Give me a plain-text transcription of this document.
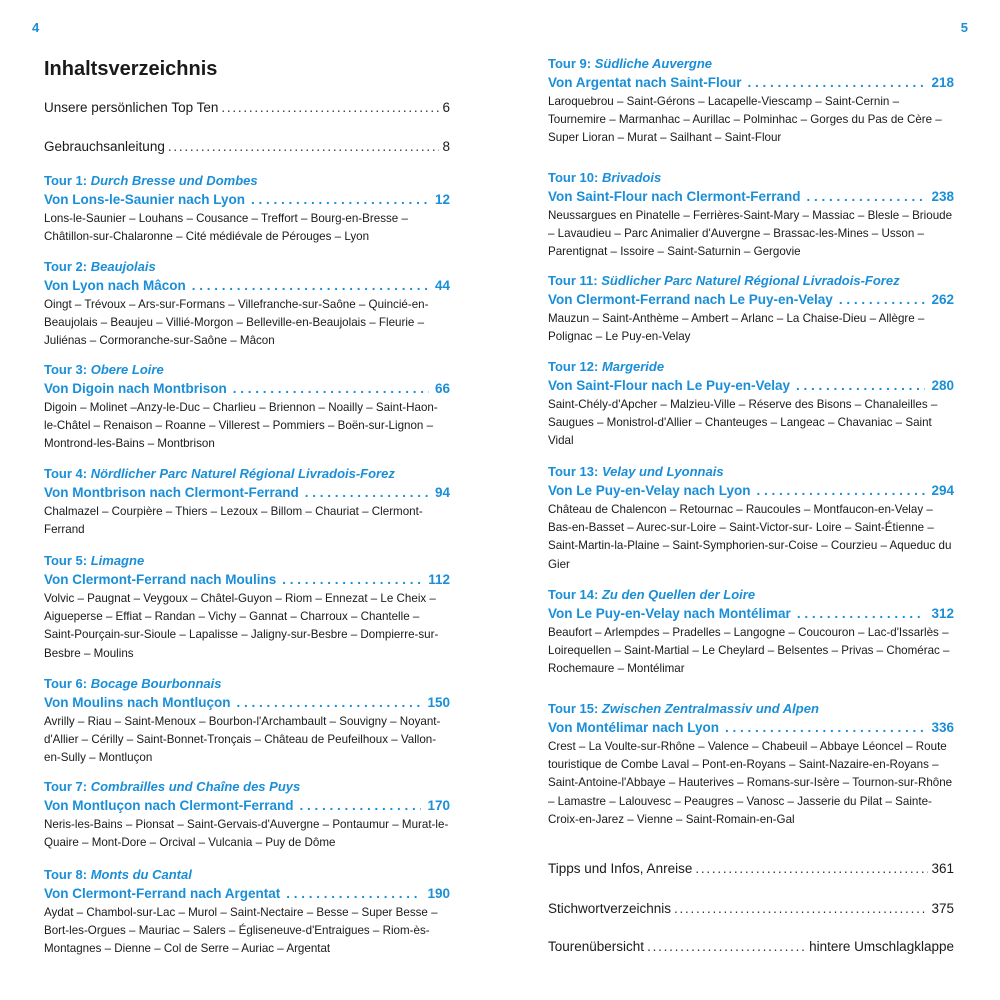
4	5
Inhaltsverzeichnis
Unsere persönlichen Top Ten . . .	6
Gebrauchsanleitung . . .	8
Tour 1: Durch Bresse und Dombes
Von Lons-le-Saunier nach Lyon . . .	12
Lons-le-Saunier – Louhans – Cousance – Treffort – Bourg-en-Bresse – Châtillon-sur-Chalaronne – Cité médiévale de Pérouges – Lyon
Tour 2: Beaujolais
Von Lyon nach Mâcon . . .	44
Oingt – Trévoux – Ars-sur-Formans – Villefranche-sur-Saône – Quincié-en-Beaujolais – Beaujeu – Villié-Morgon – Belleville-en-Beaujolais – Fleurie – Juliénas – Cormoranche-sur-Saône – Mâcon
Tour 3: Obere Loire
Von Digoin nach Montbrison . . .	66
Digoin – Molinet –Anzy-le-Duc – Charlieu – Briennon – Noailly – Saint-Haon-le-Châtel – Renaison – Roanne – Villerest – Pommiers – Boën-sur-Lignon – Montrond-les-Bains – Montbrison
Tour 4: Nördlicher Parc Naturel Régional Livradois-Forez
Von Montbrison nach Clermont-Ferrand . . .	94
Chalmazel – Courpière – Thiers – Lezoux – Billom – Chauriat – Clermont-Ferrand
Tour 5: Limagne
Von Clermont-Ferrand nach Moulins . . .	112
Volvic – Paugnat – Veygoux – Châtel-Guyon – Riom – Ennezat – Le Cheix – Aigueperse – Effiat – Randan – Vichy – Gannat – Charroux – Chantelle – Saint-Pourçain-sur-Sioule – Lapalisse – Jaligny-sur-Besbre – Dompierre-sur-Besbre – Moulins
Tour 6: Bocage Bourbonnais
Von Moulins nach Montluçon . . .	150
Avrilly – Riau – Saint-Menoux – Bourbon-l'Archambault – Souvigny – Noyant-d'Allier – Cérilly – Saint-Bonnet-Tronçais – Château de Peufeilhoux – Vallon-en-Sully – Montluçon
Tour 7: Combrailles und Chaîne des Puys
Von Montluçon nach Clermont-Ferrand . . .	170
Neris-les-Bains – Pionsat – Saint-Gervais-d'Auvergne – Pontaumur – Murat-le-Quaire – Mont-Dore – Orcival – Vulcania – Puy de Dôme
Tour 8: Monts du Cantal
Von Clermont-Ferrand nach Argentat . . .	190
Aydat – Chambol-sur-Lac – Murol – Saint-Nectaire – Besse – Super Besse – Bort-les-Orgues – Mauriac – Salers – Égliseneuve-d'Entraigues – Riom-ès-Montagnes – Dienne – Col de Serre – Auriac – Argentat
Tour 9: Südliche Auvergne
Von Argentat nach Saint-Flour . . .	218
Laroquebrou – Saint-Gérons – Lacapelle-Viescamp – Saint-Cernin – Tournemire – Marmanhac – Aurillac – Polminhac – Gorges du Pas de Cère – Super Lioran – Murat – Sailhant – Saint-Flour
Tour 10: Brivadois
Von Saint-Flour nach Clermont-Ferrand . . .	238
Neussargues en Pinatelle – Ferrières-Saint-Mary – Massiac – Blesle – Brioude – Lavaudieu – Parc Animalier d'Auvergne – Brassac-les-Mines – Usson – Parentignat – Issoire – Saint-Saturnin – Gergovie
Tour 11: Südlicher Parc Naturel Régional Livradois-Forez
Von Clermont-Ferrand nach Le Puy-en-Velay . . .	262
Mauzun – Saint-Anthème – Ambert – Arlanc – La Chaise-Dieu – Allègre – Polignac – Le Puy-en-Velay
Tour 12: Margeride
Von Saint-Flour nach Le Puy-en-Velay . . .	280
Saint-Chély-d'Apcher – Malzieu-Ville – Réserve des Bisons – Chanaleilles – Saugues – Monistrol-d'Allier – Chanteuges – Langeac – Chavaniac – Saint Vidal
Tour 13: Velay und Lyonnais
Von Le Puy-en-Velay nach Lyon . . .	294
Château de Chalencon – Retournac – Raucoules – Montfaucon-en-Velay – Bas-en-Basset – Aurec-sur-Loire – Saint-Victor-sur- Loire – Saint-Étienne – Saint-Martin-la-Plaine – Saint-Symphorien-sur-Coise – Courzieu – Aqueduc du Gier
Tour 14: Zu den Quellen der Loire
Von Le Puy-en-Velay nach Montélimar . . .	312
Beaufort – Arlempdes – Pradelles – Langogne – Coucouron – Lac-d'Issarlès – Loirequellen – Saint-Martial – Le Cheylard – Belsentes – Privas – Chomérac – Rochemaure – Montélimar
Tour 15: Zwischen Zentralmassiv und Alpen
Von Montélimar nach Lyon . . .	336
Crest – La Voulte-sur-Rhône – Valence – Chabeuil – Abbaye Léoncel – Route touristique de Combe Laval – Pont-en-Royans – Saint-Nazaire-en-Royans – Saint-Antoine-l'Abbaye – Hauterives – Romans-sur-Isère – Tournon-sur-Rhône – Lamastre – Lalouvesc – Peaugres – Vanosc – Jasserie du Pilat – Sainte-Croix-en-Jarez – Vienne – Saint-Romain-en-Gal
Tipps und Infos, Anreise . . .	361
Stichwortverzeichnis . . .	375
Tourenübersicht . . .	hintere Umschlagklappe
